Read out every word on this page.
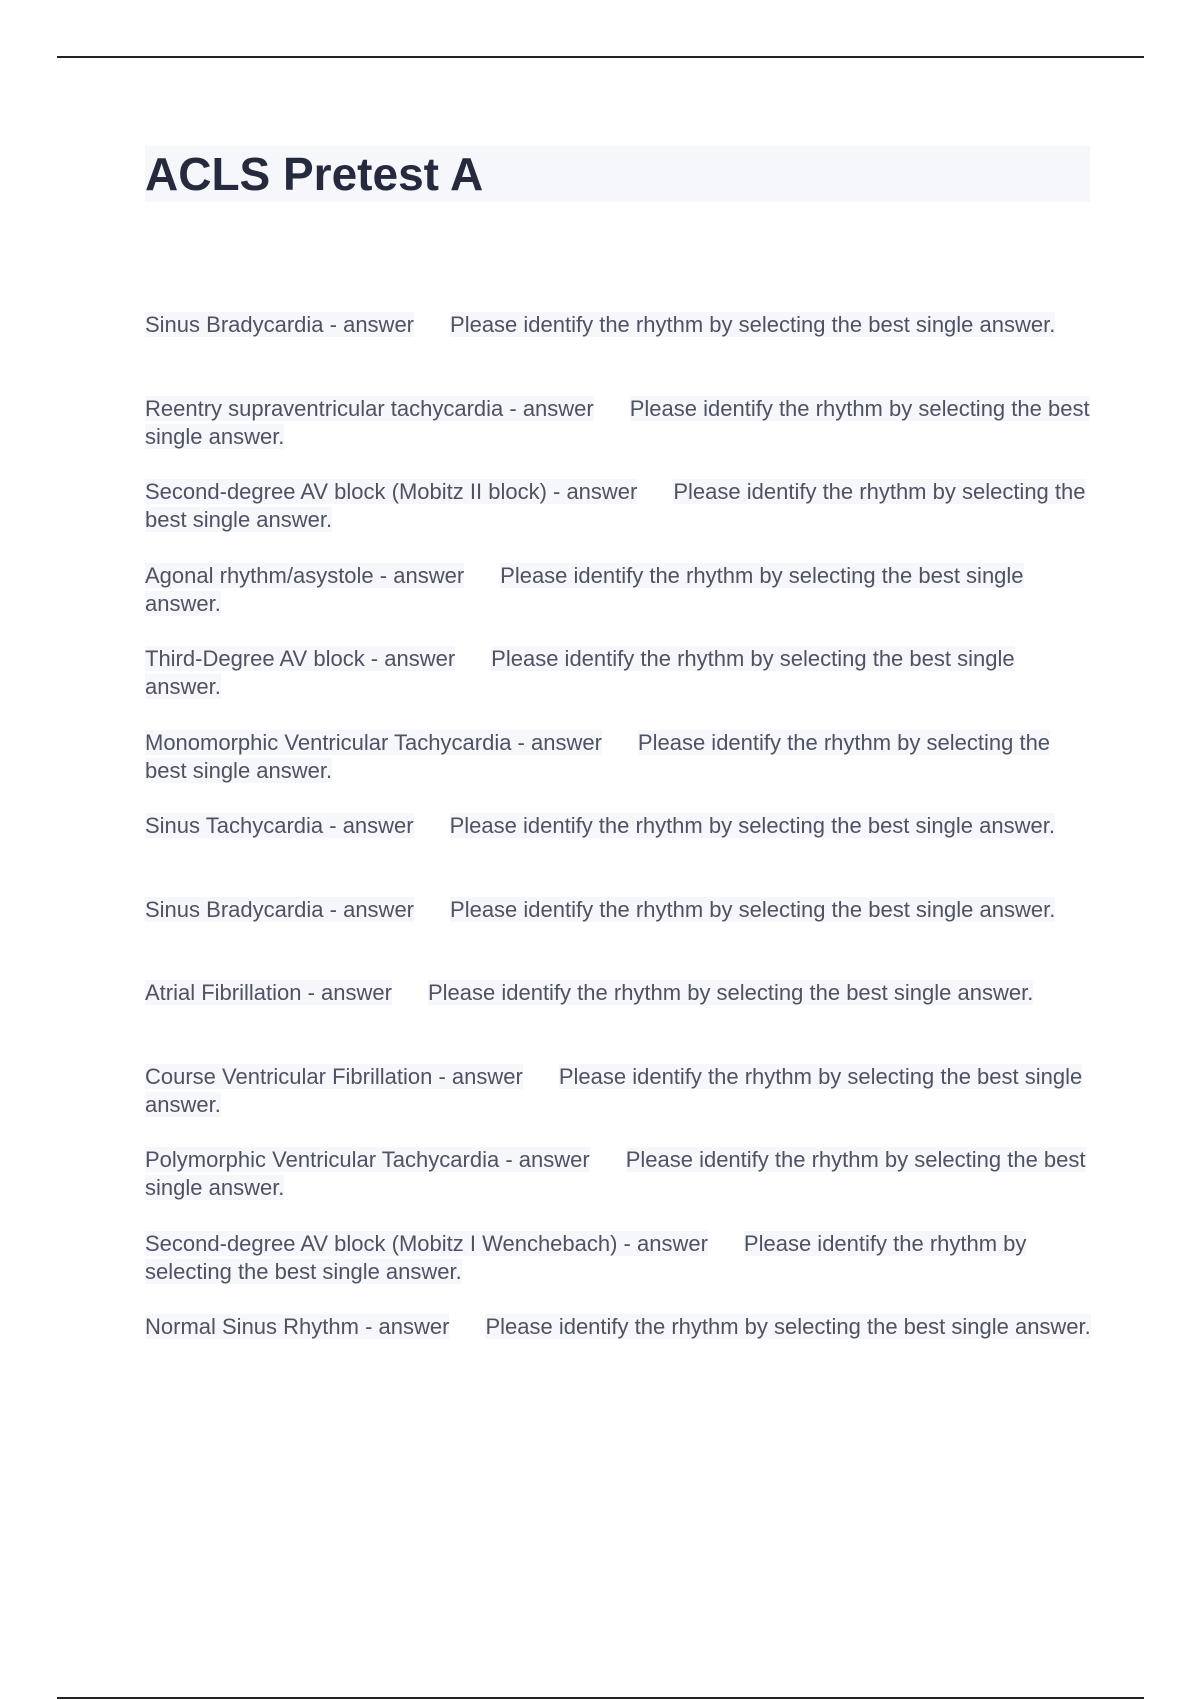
ACLS Pretest A
Sinus Bradycardia - answer Please identify the rhythm by selecting the best single answer.
Reentry supraventricular tachycardia - answer Please identify the rhythm by selecting the best single answer.
Second-degree AV block (Mobitz II block) - answer Please identify the rhythm by selecting the best single answer.
Agonal rhythm/asystole - answer Please identify the rhythm by selecting the best single answer.
Third-Degree AV block - answer Please identify the rhythm by selecting the best single answer.
Monomorphic Ventricular Tachycardia - answer Please identify the rhythm by selecting the best single answer.
Sinus Tachycardia - answer Please identify the rhythm by selecting the best single answer.
Sinus Bradycardia - answer Please identify the rhythm by selecting the best single answer.
Atrial Fibrillation - answer Please identify the rhythm by selecting the best single answer.
Course Ventricular Fibrillation - answer Please identify the rhythm by selecting the best single answer.
Polymorphic Ventricular Tachycardia - answer Please identify the rhythm by selecting the best single answer.
Second-degree AV block (Mobitz I Wenchebach) - answer Please identify the rhythm by selecting the best single answer.
Normal Sinus Rhythm - answer Please identify the rhythm by selecting the best single answer.
